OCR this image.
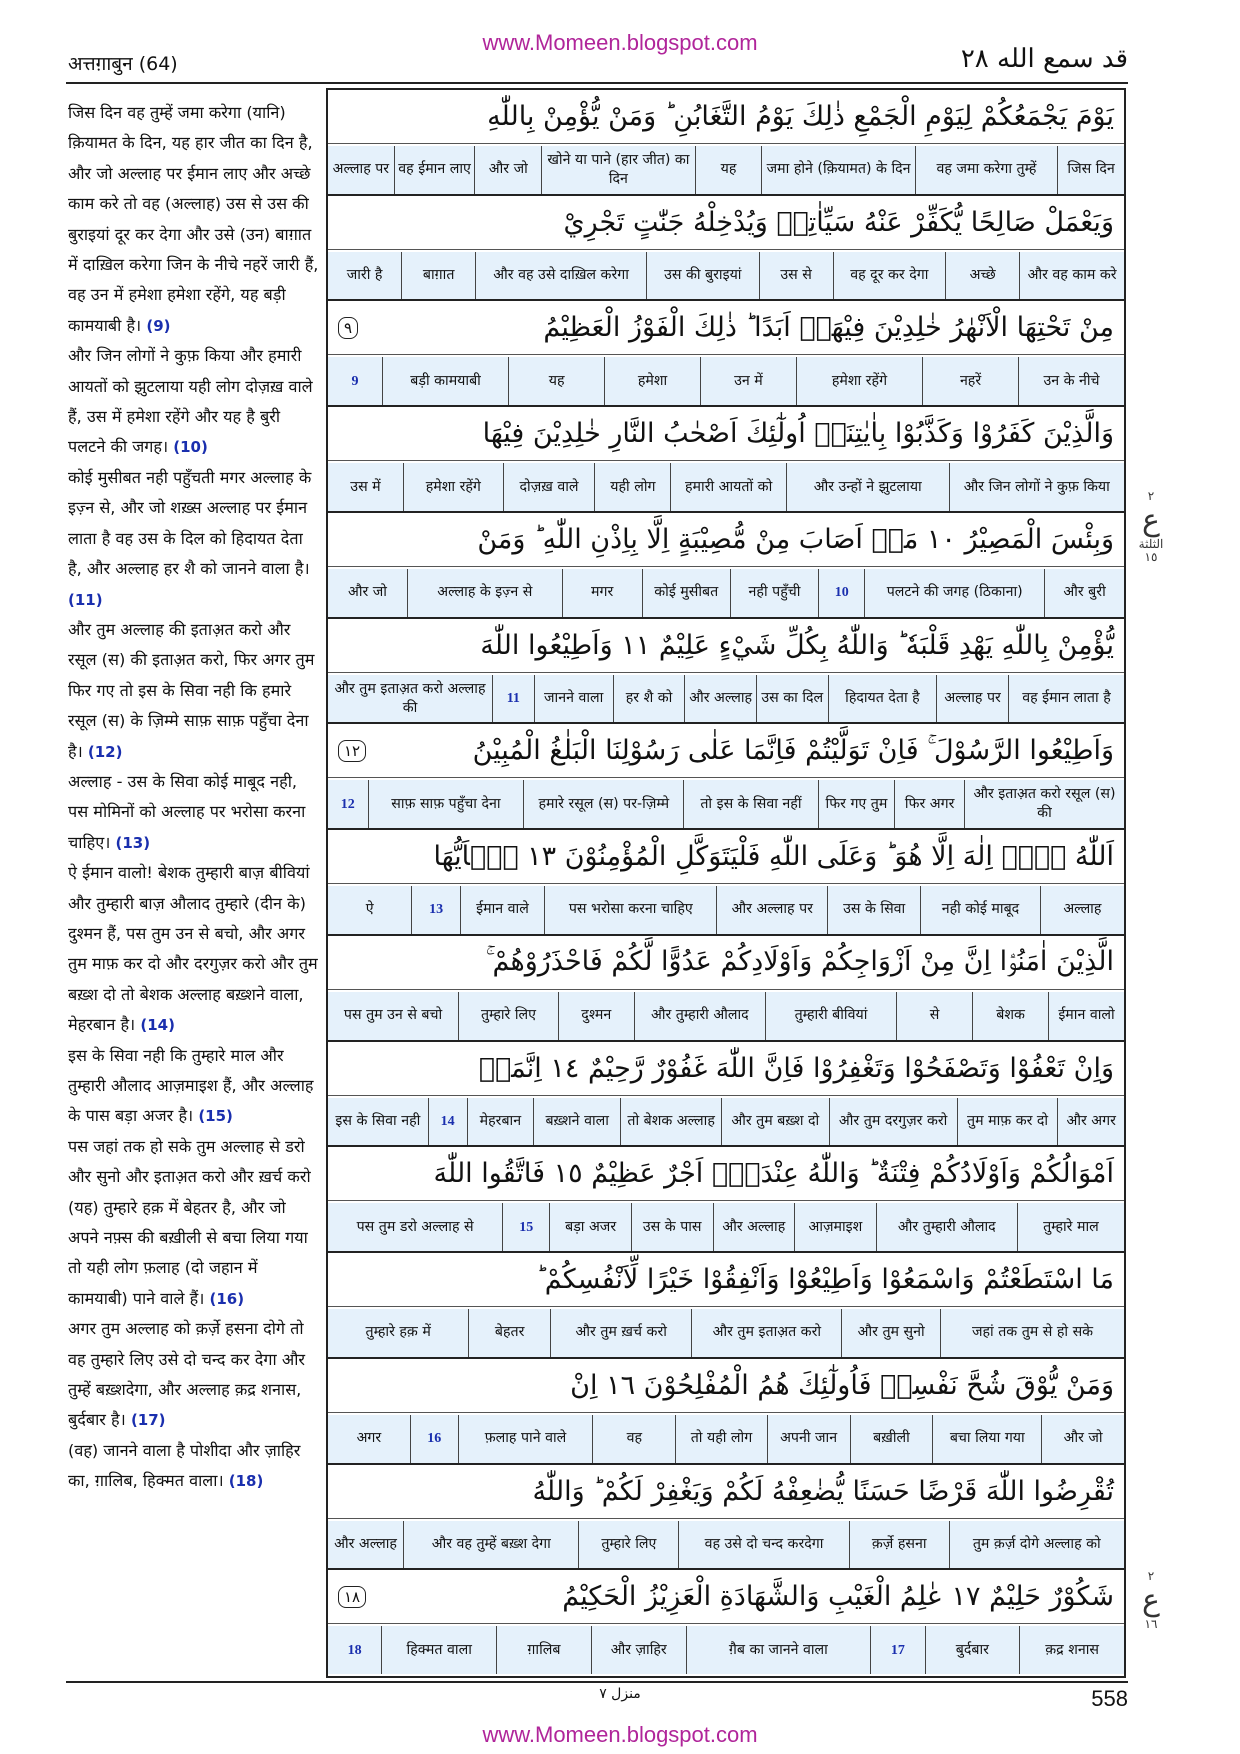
www.Momeen.blogspot.com
अत्तग़ाबुन (64)	قد سمع الله ٢٨

जिस दिन वह तुम्हें जमा करेगा (यानि) क़ियामत के दिन, यह हार जीत का दिन है, और जो अल्लाह पर ईमान लाए और अच्छे काम करे तो वह (अल्लाह) उस से उस की बुराइयां दूर कर देगा और उसे (उन) बाग़ात में दाख़िल करेगा जिन के नीचे नहरें जारी हैं, वह उन में हमेशा हमेशा रहेंगे, यह बड़ी कामयाबी है। (9)

और जिन लोगों ने कुफ़ किया और हमारी आयतों को झुटलाया यही लोग दोज़ख़ वाले हैं, उस में हमेशा रहेंगे और यह है बुरी पलटने की जगह। (10)

कोई मुसीबत नही पहुँचती मगर अल्लाह के इज़्न से, और जो शख़्स अल्लाह पर ईमान लाता है वह उस के दिल को हिदायत देता है, और अल्लाह हर शै को जानने वाला है। (11)

और तुम अल्लाह की इताअ़त करो और रसूल (स) की इताअ़त करो, फिर अगर तुम फिर गए तो इस के सिवा नही कि हमारे रसूल (स) के ज़िम्मे साफ़ साफ़ पहुँचा देना है। (12)

अल्लाह - उस के सिवा कोई माबूद नही, पस मोमिनों को अल्लाह पर भरोसा करना चाहिए। (13)

ऐ ईमान वालो! बेशक तुम्हारी बाज़ बीवियां और तुम्हारी बाज़ औलाद तुम्हारे (दीन के) दुश्मन हैं, पस तुम उन से बचो, और अगर तुम माफ़ कर दो और दरगुज़र करो और तुम बख़्श दो तो बेशक अल्लाह बख़्शने वाला, मेहरबान है। (14)

इस के सिवा नही कि तुम्हारे माल और तुम्हारी औलाद आज़माइश हैं, और अल्लाह के पास बड़ा अजर है। (15)

पस जहां तक हो सके तुम अल्लाह से डरो और सुनो और इताअ़त करो और ख़र्च करो (यह) तुम्हारे हक़ में बेहतर है, और जो अपने नफ़्स की बख़ीली से बचा लिया गया तो यही लोग फ़लाह (दो जहान में कामयाबी) पाने वाले हैं। (16)

अगर तुम अल्लाह को क़र्ज़े हसना दोगे तो वह तुम्हारे लिए उसे दो चन्द कर देगा और तुम्हें बख़्शदेगा, और अल्लाह क़द्र शनास, बुर्दबार है। (17)

(वह) जानने वाला है पोशीदा और ज़ाहिर का, ग़ालिब, हिक्मत वाला। (18)

يَوْمَ يَجْمَعُكُمْ لِيَوْمِ الْجَمْعِ ذٰلِكَ يَوْمُ التَّغَابُنِ ؕ وَمَنْ يُّؤْمِنْ بِاللّٰهِ
जिस दिन
वह जमा करेगा तुम्हें
जमा होने (क़ियामत) के दिन
यह
खोने या पाने (हार जीत) का दिन
और जो
वह ईमान लाए
अल्लाह पर
وَيَعْمَلْ صَالِحًا يُّكَفِّرْ عَنْهُ سَيِّاٰتِهٖ وَيُدْخِلْهُ جَنّٰتٍ تَجْرِيْ
और वह काम करे
अच्छे
वह दूर कर देगा
उस से
उस की बुराइयां
और वह उसे दाख़िल करेगा
बाग़ात
जारी है
مِنْ تَحْتِهَا الْاَنْهٰرُ خٰلِدِيْنَ فِيْهَاۤ اَبَدًا ؕ ذٰلِكَ الْفَوْزُ الْعَظِيْمُ
٩
उन के नीचे
नहरें
हमेशा रहेंगे
उन में
हमेशा
यह
बड़ी कामयाबी
9
وَالَّذِيْنَ كَفَرُوْا وَكَذَّبُوْا بِاٰيٰتِنَاۤ اُولٰٓئِكَ اَصْحٰبُ النَّارِ خٰلِدِيْنَ فِيْهَا
और जिन लोगों ने कुफ़ किया
और उन्हों ने झुटलाया
हमारी आयतों को
यही लोग
दोज़ख़ वाले
हमेशा रहेंगे
उस में
وَبِئْسَ الْمَصِيْرُ ١٠ مَاۤ اَصَابَ مِنْ مُّصِيْبَةٍ اِلَّا بِاِذْنِ اللّٰهِ ؕ وَمَنْ
और बुरी
पलटने की जगह (ठिकाना)
10
नही पहुँची
कोई मुसीबत
मगर
अल्लाह के इज़्न से
और जो
يُّؤْمِنْ بِاللّٰهِ يَهْدِ قَلْبَهٗ ؕ وَاللّٰهُ بِكُلِّ شَيْءٍ عَلِيْمٌ ١١ وَاَطِيْعُوا اللّٰهَ
वह ईमान लाता है
अल्लाह पर
हिदायत देता है
उस का दिल
और अल्लाह
हर शै को
जानने वाला
11
और तुम इताअ़त करो अल्लाह की
وَاَطِيْعُوا الرَّسُوْلَ ۚ فَاِنْ تَوَلَّيْتُمْ فَاِنَّمَا عَلٰى رَسُوْلِنَا الْبَلٰغُ الْمُبِيْنُ
١٢
और इताअ़त करो रसूल (स) की
फिर अगर
फिर गए तुम
तो इस के सिवा नहीं
हमारे रसूल (स) पर-ज़िम्मे
साफ़ साफ़ पहुँचा देना
12
اَللّٰهُ لَاۤ اِلٰهَ اِلَّا هُوَ ؕ وَعَلَى اللّٰهِ فَلْيَتَوَكَّلِ الْمُؤْمِنُوْنَ ١٣ يٰۤاَيُّهَا
अल्लाह
नही कोई माबूद
उस के सिवा
और अल्लाह पर
पस भरोसा करना चाहिए
ईमान वाले
13
ऐ
الَّذِيْنَ اٰمَنُوْۤا اِنَّ مِنْ اَزْوَاجِكُمْ وَاَوْلَادِكُمْ عَدُوًّا لَّكُمْ فَاحْذَرُوْهُمْ ۚ
ईमान वालो
बेशक
से
तुम्हारी बीवियां
और तुम्हारी औलाद
दुश्मन
तुम्हारे लिए
पस तुम उन से बचो
وَاِنْ تَعْفُوْا وَتَصْفَحُوْا وَتَغْفِرُوْا فَاِنَّ اللّٰهَ غَفُوْرٌ رَّحِيْمٌ ١٤ اِنَّمَاۤ
और अगर
तुम माफ़ कर दो
और तुम दरगुज़र करो
और तुम बख़्श दो
तो बेशक अल्लाह
बख़्शने वाला
मेहरबान
14
इस के सिवा नही
اَمْوَالُكُمْ وَاَوْلَادُكُمْ فِتْنَةٌ ؕ وَاللّٰهُ عِنْدَهٗۤ اَجْرٌ عَظِيْمٌ ١٥ فَاتَّقُوا اللّٰهَ
तुम्हारे माल
और तुम्हारी औलाद
आज़माइश
और अल्लाह
उस के पास
बड़ा अजर
15
पस तुम डरो अल्लाह से
مَا اسْتَطَعْتُمْ وَاسْمَعُوْا وَاَطِيْعُوْا وَاَنْفِقُوْا خَيْرًا لِّاَنْفُسِكُمْ ؕ
जहां तक तुम से हो सके
और तुम सुनो
और तुम इताअ़त करो
और तुम ख़र्च करो
बेहतर
तुम्हारे हक़ में
وَمَنْ يُّوْقَ شُحَّ نَفْسِهٖ فَاُولٰٓئِكَ هُمُ الْمُفْلِحُوْنَ ١٦ اِنْ
और जो
बचा लिया गया
बख़ीली
अपनी जान
तो यही लोग
वह
फ़लाह पाने वाले
16
अगर
تُقْرِضُوا اللّٰهَ قَرْضًا حَسَنًا يُّضٰعِفْهُ لَكُمْ وَيَغْفِرْ لَكُمْ ؕ وَاللّٰهُ
तुम क़र्ज़ दोगे अल्लाह को
क़र्ज़े हसना
वह उसे दो चन्द करदेगा
तुम्हारे लिए
और वह तुम्हें बख़्श देगा
और अल्लाह
شَكُوْرٌ حَلِيْمٌ ١٧ عٰلِمُ الْغَيْبِ وَالشَّهَادَةِ الْعَزِيْزُ الْحَكِيْمُ
١٨
क़द्र शनास
बुर्दबार
17
ग़ैब का जानने वाला
और ज़ाहिर
ग़ालिब
हिक्मत वाला
18
٢
ع
الثلثة
١٥
٢
ع
١٦
منزل ٧	558
www.Momeen.blogspot.com
